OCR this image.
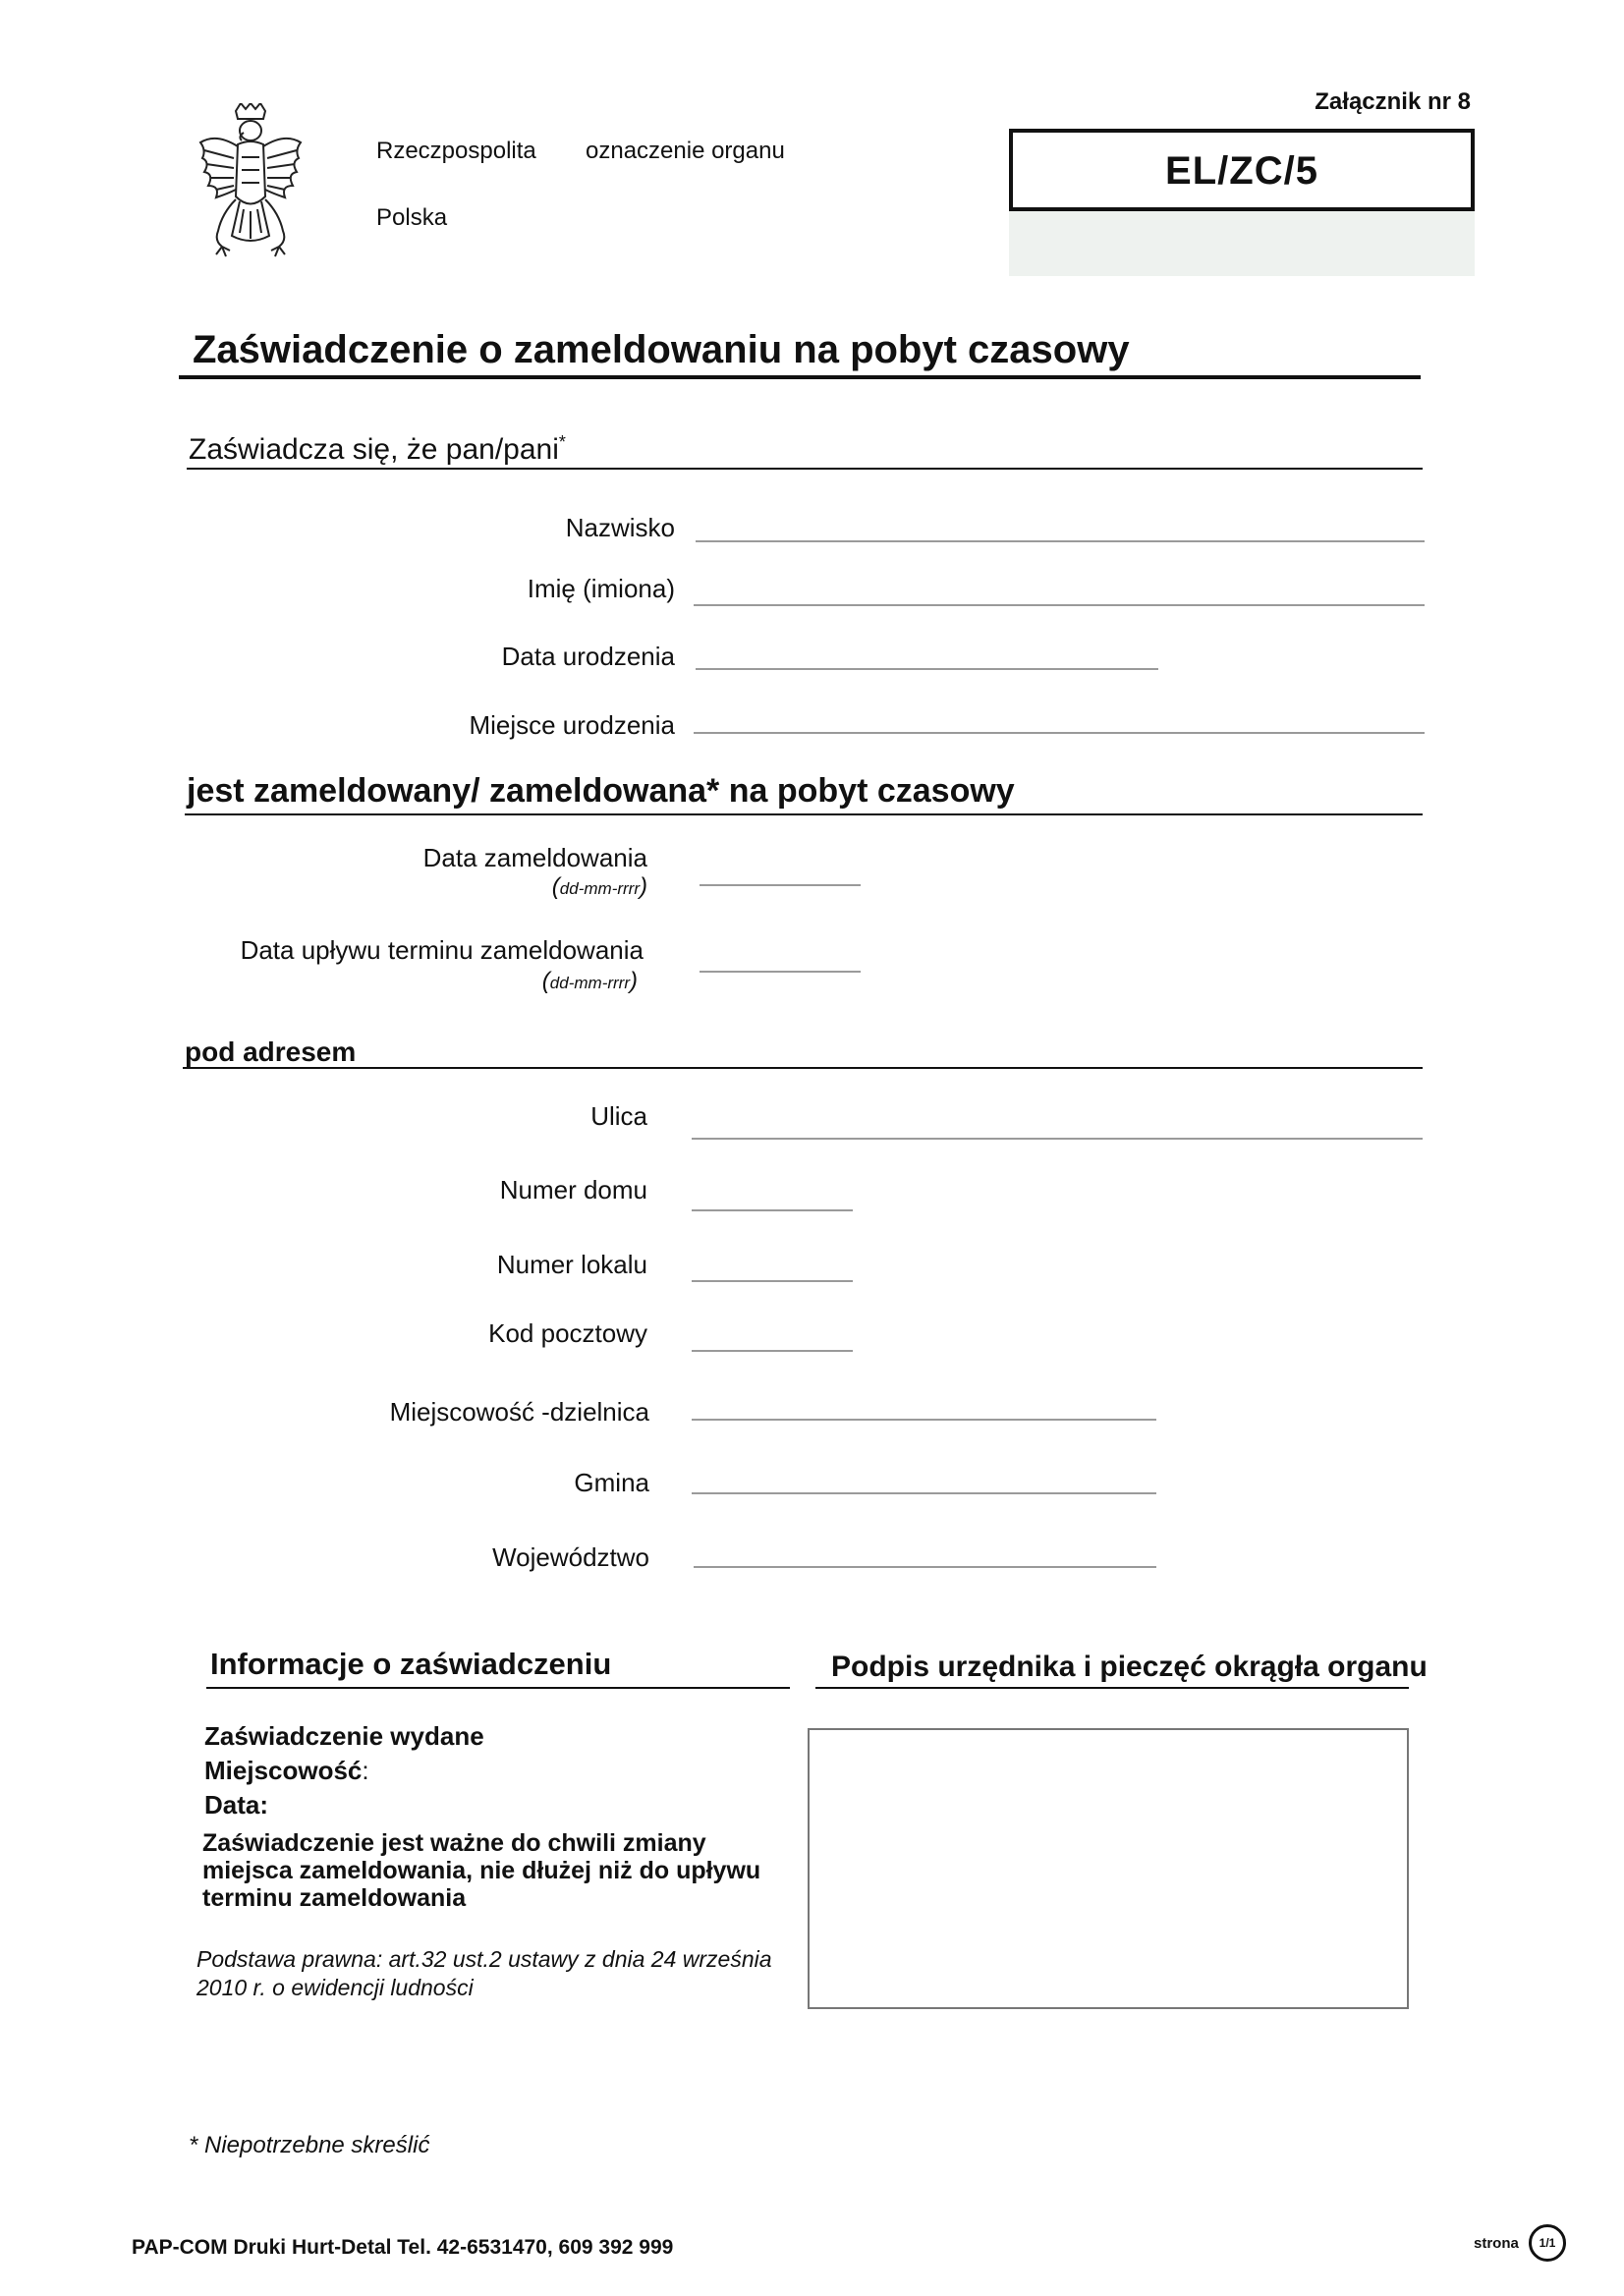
Rzeczpospolita
Polska
oznaczenie organu
Załącznik nr 8
EL/ZC/5
Zaświadczenie o zameldowaniu na pobyt czasowy
Zaświadcza się, że pan/pani*
Nazwisko
Imię (imiona)
Data urodzenia
Miejsce urodzenia
jest zameldowany/ zameldowana* na pobyt czasowy
Data zameldowania
(dd-mm-rrrr)
Data upływu terminu zameldowania
(dd-mm-rrrr)
pod adresem
Ulica
Numer domu
Numer lokalu
Kod pocztowy
Miejscowość -dzielnica
Gmina
Województwo
Informacje o zaświadczeniu
Zaświadczenie wydane
Miejscowość:
Data:
Zaświadczenie jest ważne do chwili zmiany
miejsca zameldowania, nie dłużej niż do upływu
terminu zameldowania
Podstawa prawna: art.32 ust.2 ustawy z dnia 24 września
2010 r. o ewidencji ludności
Podpis urzędnika i pieczęć okrągła organu
* Niepotrzebne skreślić
PAP-COM Druki Hurt-Detal Tel. 42-6531470, 609 392 999	strona	1/1
